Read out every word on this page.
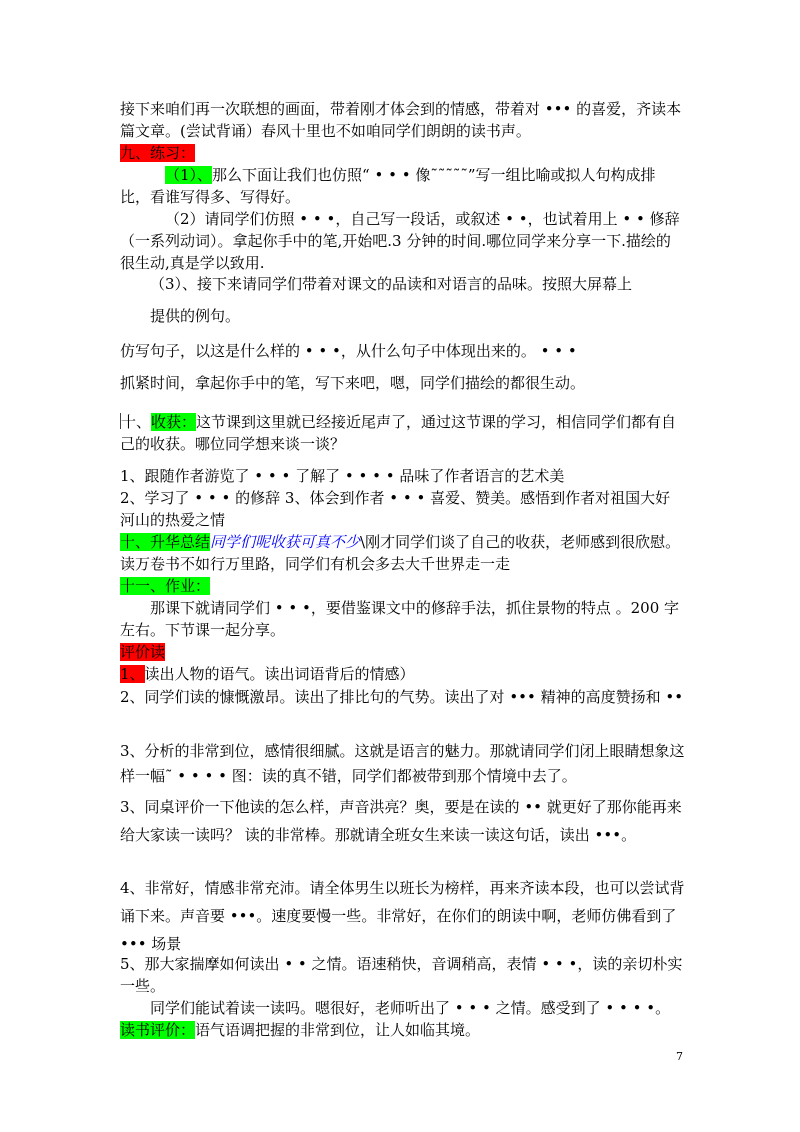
接下来咱们再一次联想的画面，带着刚才体会到的情感，带着对 ••• 的喜爱，齐读本篇文章。(尝试背诵）春风十里也不如咱同学们朗朗的读书声。
九、练习：
（1）、那么下面让我们也仿照“ • • • 像˜˜˜˜˜”写一组比喻或拟人句构成排比，看谁写得多、写得好。
（2）请同学们仿照 • • •，自己写一段话，或叙述 • •，也试着用上 • • 修辞（一系列动词）。拿起你手中的笔,开始吧.3 分钟的时间.哪位同学来分享一下.描绘的很生动,真是学以致用.
（3）、接下来请同学们带着对课文的品读和对语言的品味。按照大屏幕上
提供的例句。
仿写句子，以这是什么样的 • • •，从什么句子中体现出来的。 • • •
抓紧时间，拿起你手中的笔，写下来吧，嗯，同学们描绘的都很生动。
十、收获：这节课到这里就已经接近尾声了，通过这节课的学习，相信同学们都有自己的收获。哪位同学想来谈一谈？
1、跟随作者游览了 • • • 了解了 • • • • 品味了作者语言的艺术美
2、学习了 • • • 的修辞 3、体会到作者 • • • 喜爱、赞美。感悟到作者对祖国大好河山的热爱之情
十、升华总结同学们呢收获可真不少\刚才同学们谈了自己的收获，老师感到很欣慰。读万卷书不如行万里路，同学们有机会多去大千世界走一走
十一、作业：
那课下就请同学们 • • •，要借鉴课文中的修辞手法，抓住景物的特点 。200 字左右。下节课一起分享。
评价读
1、读出人物的语气。读出词语背后的情感）
2、同学们读的慷慨激昂。读出了排比句的气势。读出了对 ••• 精神的高度赞扬和 ••
3、分析的非常到位，感情很细腻。这就是语言的魅力。那就请同学们闭上眼睛想象这样一幅˜ • • • • 图：读的真不错，同学们都被带到那个情境中去了。
3、同桌评价一下他读的怎么样，声音洪亮？奥，要是在读的 •• 就更好了那你能再来给大家读一读吗？ 读的非常棒。那就请全班女生来读一读这句话，读出 •••。
4、非常好，情感非常充沛。请全体男生以班长为榜样，再来齐读本段，也可以尝试背诵下来。声音要 •••。速度要慢一些。非常好，在你们的朗读中啊，老师仿佛看到了 ••• 场景
5、那大家揣摩如何读出 • • 之情。语速稍快，音调稍高，表情 • • •，读的亲切朴实一些。
同学们能试着读一读吗。嗯很好，老师听出了 • • • 之情。感受到了 • • • •。
读书评价：语气语调把握的非常到位，让人如临其境。
7
